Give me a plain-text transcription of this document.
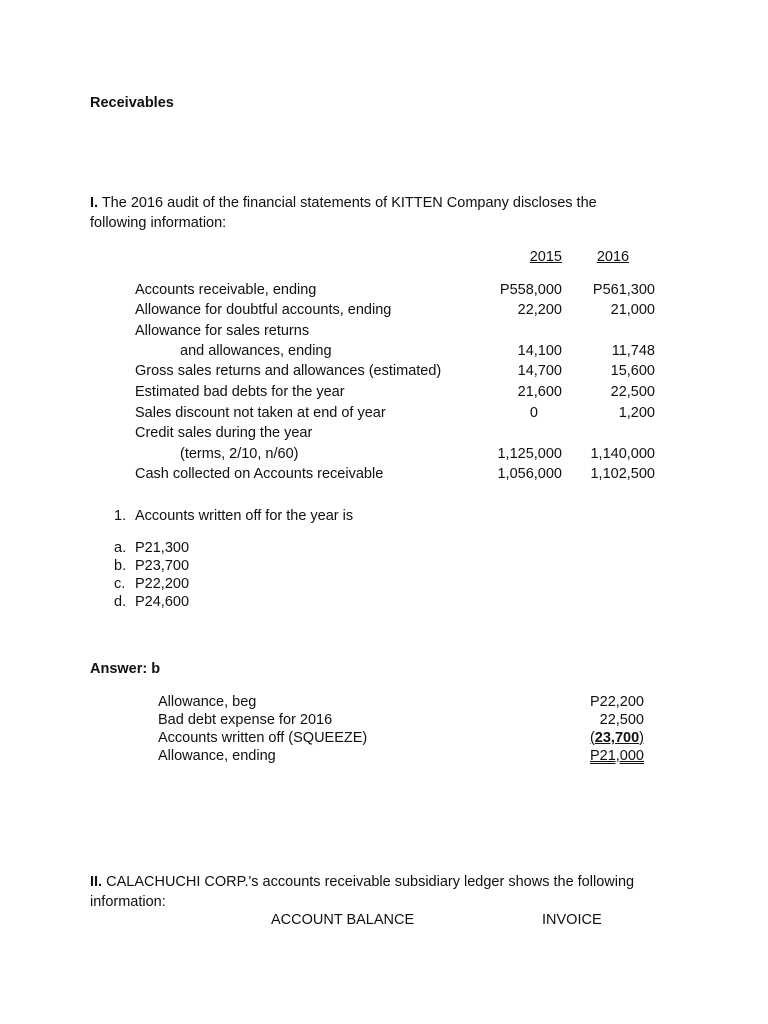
Receivables
I. The 2016 audit of the financial statements of KITTEN Company discloses the
following information:
2015	2016
Accounts receivable, ending	P558,000	P561,300
Allowance for doubtful accounts, ending	22,200	21,000
Allowance for sales returns
and allowances, ending	14,100	11,748
Gross sales returns and allowances (estimated)	14,700	15,600
Estimated bad debts for the year	21,600	22,500
Sales discount not taken at end of year	0	1,200
Credit sales during the year
(terms, 2/10, n/60)	1,125,000	1,140,000
Cash collected on Accounts receivable	1,056,000	1,102,500
1. Accounts written off for the year is
a. P21,300
b. P23,700
c. P22,200
d. P24,600
Answer: b
Allowance, beg	P22,200
Bad debt expense for 2016	22,500
Accounts written off (SQUEEZE)	(23,700)
Allowance, ending	P21,000
II. CALACHUCHI CORP.'s accounts receivable subsidiary ledger shows the following
information:
ACCOUNT BALANCE	INVOICE
